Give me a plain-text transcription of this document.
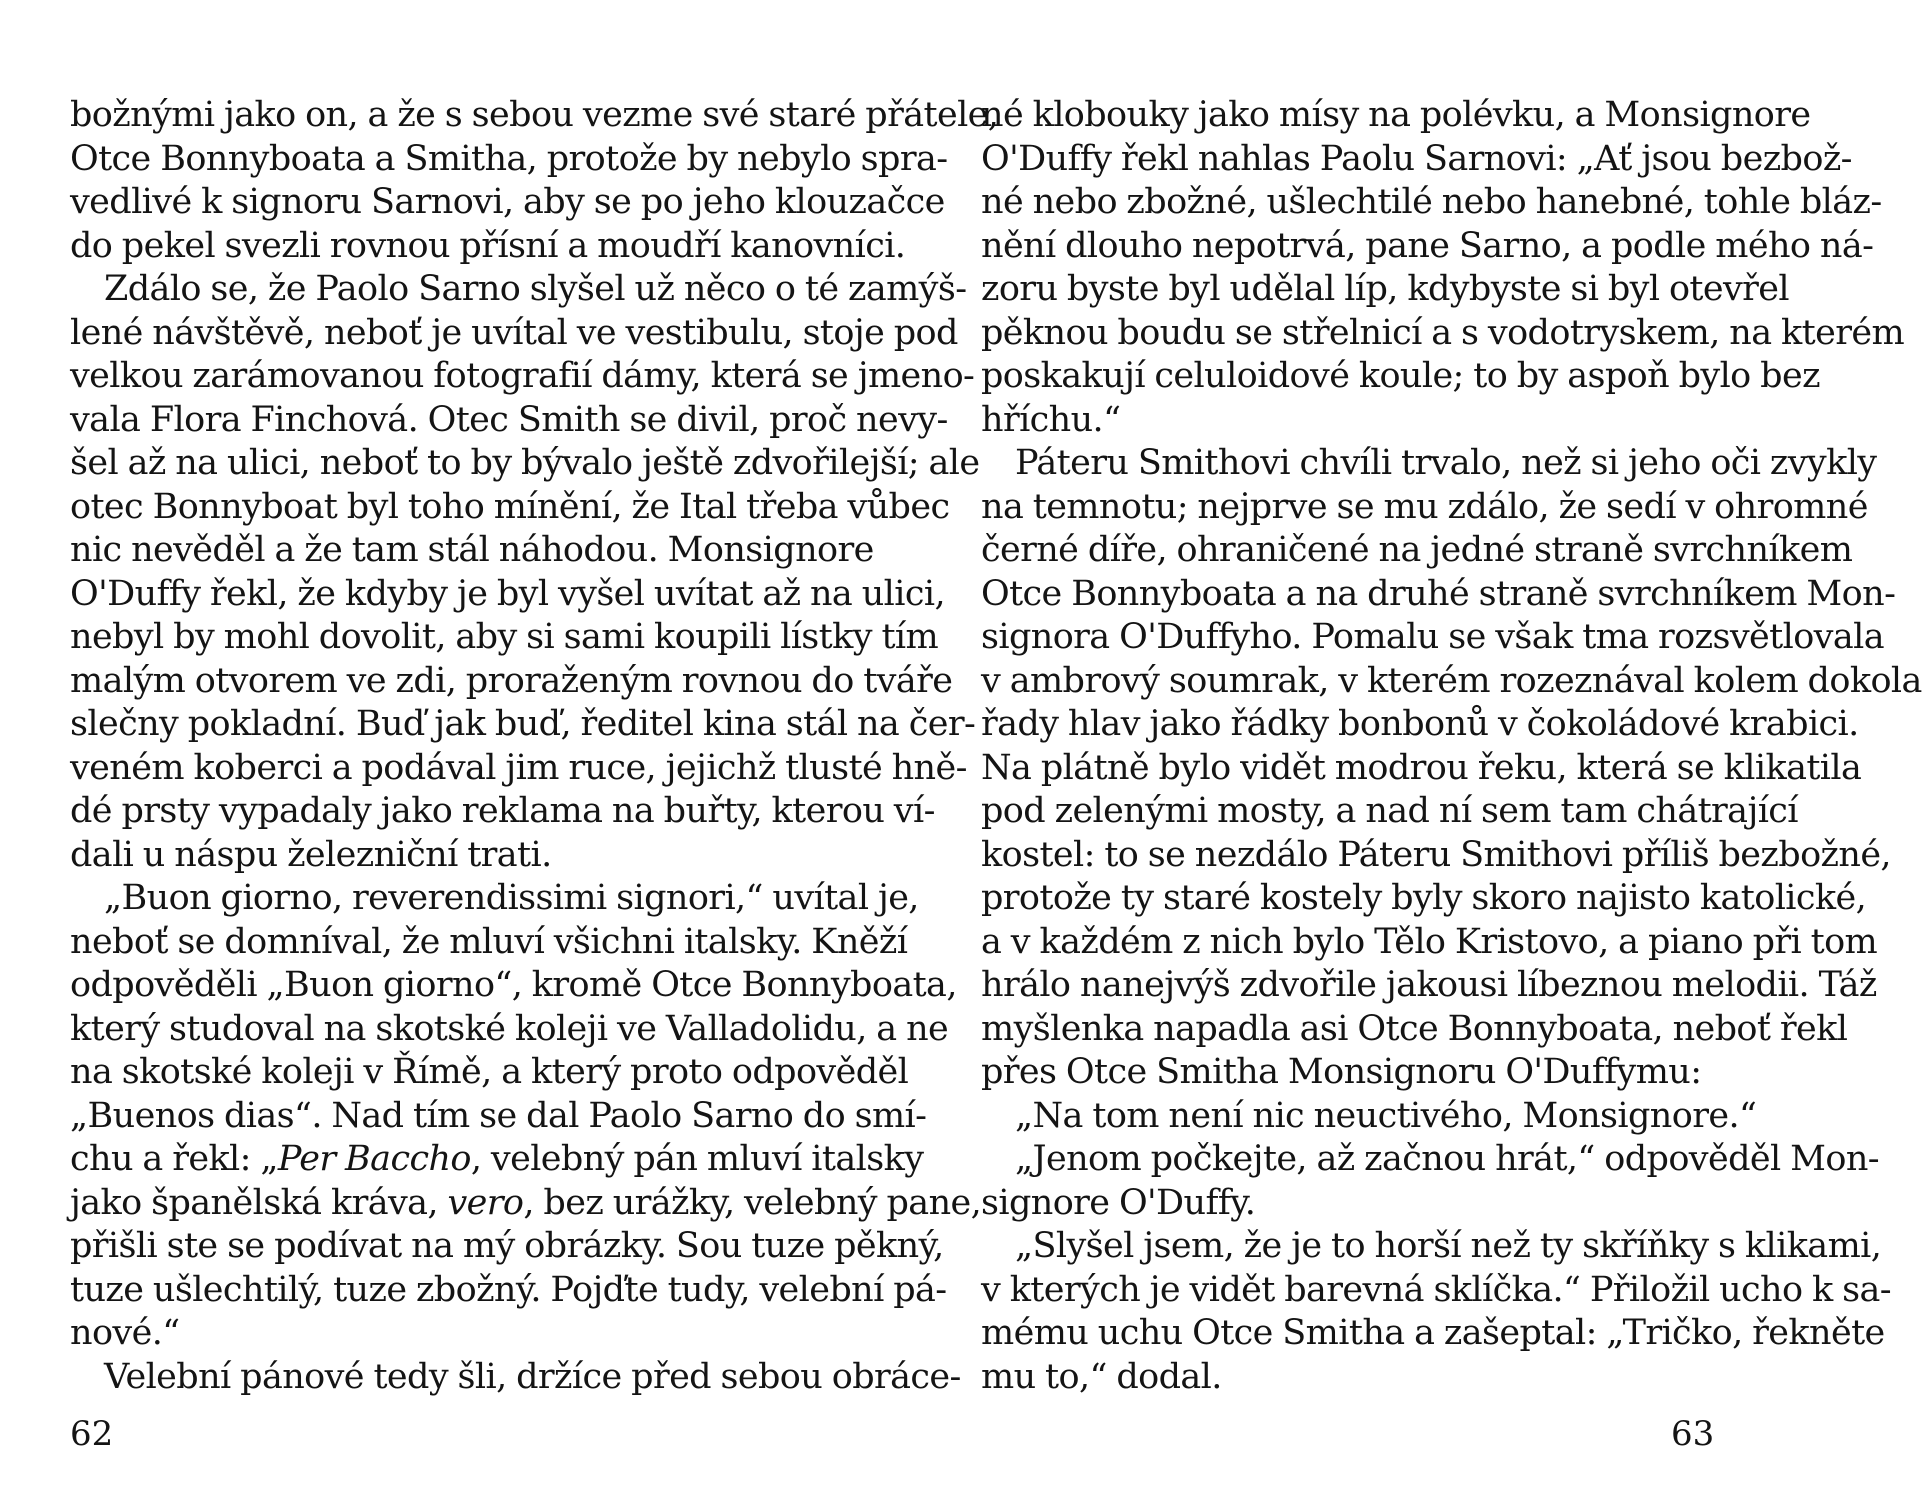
božnými jako on, a že s sebou vezme své staré přátele,
Otce Bonnyboata a Smitha, protože by nebylo spra-
vedlivé k signoru Sarnovi, aby se po jeho klouzačce
do pekel svezli rovnou přísní a moudří kanovníci.
Zdálo se, že Paolo Sarno slyšel už něco o té zamýš-
lené návštěvě, neboť je uvítal ve vestibulu, stoje pod
velkou zarámovanou fotografií dámy, která se jmeno-
vala Flora Finchová. Otec Smith se divil, proč nevy-
šel až na ulici, neboť to by bývalo ještě zdvořilejší; ale
otec Bonnyboat byl toho mínění, že Ital třeba vůbec
nic nevěděl a že tam stál náhodou. Monsignore
O'Duffy řekl, že kdyby je byl vyšel uvítat až na ulici,
nebyl by mohl dovolit, aby si sami koupili lístky tím
malým otvorem ve zdi, proraženým rovnou do tváře
slečny pokladní. Buď jak buď, ředitel kina stál na čer-
veném koberci a podával jim ruce, jejichž tlusté hně-
dé prsty vypadaly jako reklama na buřty, kterou ví-
dali u náspu železniční trati.
„Buon giorno, reverendissimi signori,“ uvítal je,
neboť se domníval, že mluví všichni italsky. Kněží
odpověděli „Buon giorno“, kromě Otce Bonnyboata,
který studoval na skotské koleji ve Valladolidu, a ne
na skotské koleji v Římě, a který proto odpověděl
„Buenos dias“. Nad tím se dal Paolo Sarno do smí-
chu a řekl: „Per Baccho, velebný pán mluví italsky
jako španělská kráva, vero, bez urážky, velebný pane,
přišli ste se podívat na mý obrázky. Sou tuze pěkný,
tuze ušlechtilý, tuze zbožný. Pojďte tudy, velební pá-
nové.“
Velební pánové tedy šli, držíce před sebou obrácе-
62
né klobouky jako mísy na polévku, a Monsignore
O'Duffy řekl nahlas Paolu Sarnovi: „Ať jsou bezbož-
né nebo zbožné, ušlechtilé nebo hanebné, tohle bláz-
nění dlouho nepotrvá, pane Sarno, a podle mého ná-
zoru byste byl udělal líp, kdybyste si byl otevřel
pěknou boudu se střelnicí a s vodotryskem, na kterém
poskakují celuloidové koule; to by aspoň bylo bez
hříchu.“
Páteru Smithovi chvíli trvalo, než si jeho oči zvykly
na temnotu; nejprve se mu zdálo, že sedí v ohromné
černé díře, ohraničené na jedné straně svrchníkem
Otce Bonnyboata a na druhé straně svrchníkem Mon-
signora O'Duffyho. Pomalu se však tma rozsvětlovala
v ambrový soumrak, v kterém rozeznával kolem dokola
řady hlav jako řádky bonbonů v čokoládové krabici.
Na plátně bylo vidět modrou řeku, která se klikatila
pod zelenými mosty, a nad ní sem tam chátrající
kostel: to se nezdálo Páteru Smithovi příliš bezbožné,
protože ty staré kostely byly skoro najisto katolické,
a v každém z nich bylo Tělo Kristovo, a piano při tom
hrálo nanejvýš zdvořile jakousi líbeznou melodii. Táž
myšlenka napadla asi Otce Bonnyboata, neboť řekl
přes Otce Smitha Monsignoru O'Duffymu:
„Na tom není nic neuctivého, Monsignore.“
„Jenom počkejte, až začnou hrát,“ odpověděl Mon-
signore O'Duffy.
„Slyšel jsem, že je to horší než ty skříňky s klikami,
v kterých je vidět barevná sklíčka.“ Přiložil ucho k sa-
mému uchu Otce Smitha a zašeptal: „Tričko, řekněte
mu to,“ dodal.
63
